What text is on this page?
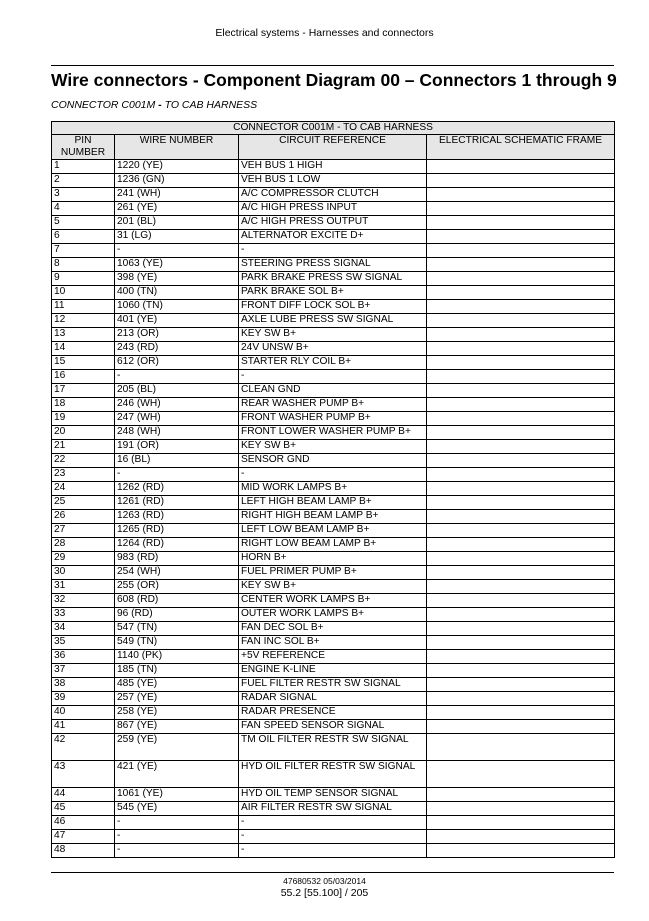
Electrical systems - Harnesses and connectors
Wire connectors - Component Diagram 00 – Connectors 1 through 9
CONNECTOR C001M - TO CAB HARNESS
CONNECTOR C001M - TO CAB HARNESS			
PIN NUMBER	WIRE NUMBER	CIRCUIT REFERENCE	ELECTRICAL SCHEMATIC FRAME
1	1220 (YE)	VEH BUS 1 HIGH	
2	1236 (GN)	VEH BUS 1 LOW	
3	241 (WH)	A/C COMPRESSOR CLUTCH	
4	261 (YE)	A/C HIGH PRESS INPUT	
5	201 (BL)	A/C HIGH PRESS OUTPUT	
6	31 (LG)	ALTERNATOR EXCITE D+	
7	-	-	
8	1063 (YE)	STEERING PRESS SIGNAL	
9	398 (YE)	PARK BRAKE PRESS SW SIGNAL	
10	400 (TN)	PARK BRAKE SOL B+	
11	1060 (TN)	FRONT DIFF LOCK SOL B+	
12	401 (YE)	AXLE LUBE PRESS SW SIGNAL	
13	213 (OR)	KEY SW B+	
14	243 (RD)	24V UNSW B+	
15	612 (OR)	STARTER RLY COIL B+	
16	-	-	
17	205 (BL)	CLEAN GND	
18	246 (WH)	REAR WASHER PUMP B+	
19	247 (WH)	FRONT WASHER PUMP B+	
20	248 (WH)	FRONT LOWER WASHER PUMP B+	
21	191 (OR)	KEY SW B+	
22	16 (BL)	SENSOR GND	
23	-	-	
24	1262 (RD)	MID WORK LAMPS B+	
25	1261 (RD)	LEFT HIGH BEAM LAMP B+	
26	1263 (RD)	RIGHT HIGH BEAM LAMP B+	
27	1265 (RD)	LEFT LOW BEAM LAMP B+	
28	1264 (RD)	RIGHT LOW BEAM LAMP B+	
29	983 (RD)	HORN B+	
30	254 (WH)	FUEL PRIMER PUMP B+	
31	255 (OR)	KEY SW B+	
32	608 (RD)	CENTER WORK LAMPS B+	
33	96 (RD)	OUTER WORK LAMPS B+	
34	547 (TN)	FAN DEC SOL B+	
35	549 (TN)	FAN INC SOL B+	
36	1140 (PK)	+5V REFERENCE	
37	185 (TN)	ENGINE K-LINE	
38	485 (YE)	FUEL FILTER RESTR SW SIGNAL	
39	257 (YE)	RADAR SIGNAL	
40	258 (YE)	RADAR PRESENCE	
41	867 (YE)	FAN SPEED SENSOR SIGNAL	
42	259 (YE)	TM OIL FILTER RESTR SW SIGNAL	
43	421 (YE)	HYD OIL FILTER RESTR SW SIGNAL	
44	1061 (YE)	HYD OIL TEMP SENSOR SIGNAL	
45	545 (YE)	AIR FILTER RESTR SW SIGNAL	
46	-	-	
47	-	-	
48	-	-	
47680532 05/03/2014
55.2 [55.100] / 205
